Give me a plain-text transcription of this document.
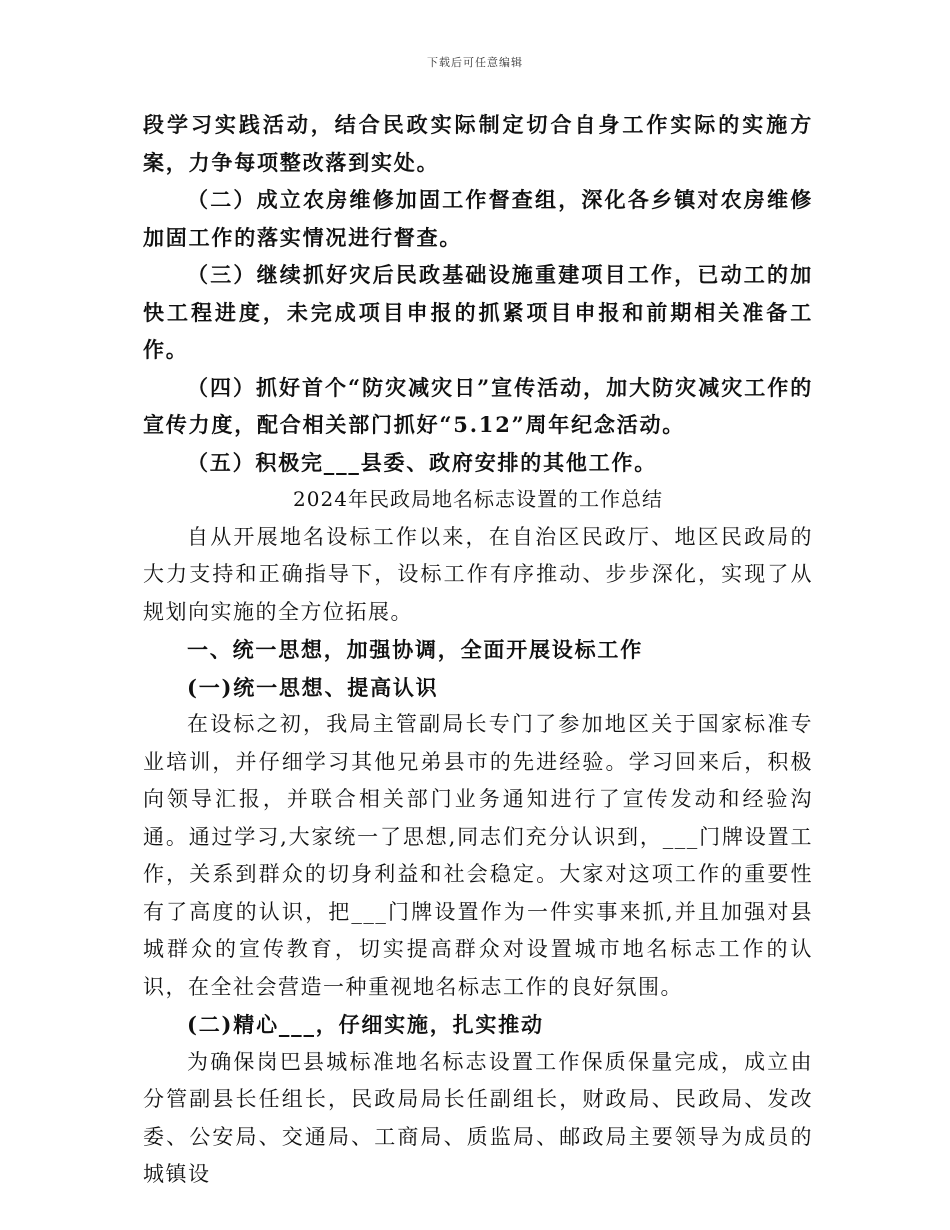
下载后可任意编辑

段学习实践活动，结合民政实际制定切合自身工作实际的实施方案，力争每项整改落到实处。

（二）成立农房维修加固工作督查组，深化各乡镇对农房维修加固工作的落实情况进行督查。

（三）继续抓好灾后民政基础设施重建项目工作，已动工的加快工程进度，未完成项目申报的抓紧项目申报和前期相关准备工作。

（四）抓好首个“防灾减灾日”宣传活动，加大防灾减灾工作的宣传力度，配合相关部门抓好“5.12”周年纪念活动。

（五）积极完___县委、政府安排的其他工作。

2024年民政局地名标志设置的工作总结

自从开展地名设标工作以来，在自治区民政厅、地区民政局的大力支持和正确指导下，设标工作有序推动、步步深化，实现了从规划向实施的全方位拓展。

一、统一思想，加强协调，全面开展设标工作

(一)统一思想、提高认识

在设标之初，我局主管副局长专门了参加地区关于国家标准专业培训，并仔细学习其他兄弟县市的先进经验。学习回来后，积极向领导汇报，并联合相关部门业务通知进行了宣传发动和经验沟通。通过学习,大家统一了思想,同志们充分认识到，___门牌设置工作，关系到群众的切身利益和社会稳定。大家对这项工作的重要性有了高度的认识，把___门牌设置作为一件实事来抓,并且加强对县城群众的宣传教育，切实提高群众对设置城市地名标志工作的认识，在全社会营造一种重视地名标志工作的良好氛围。

(二)精心___，仔细实施，扎实推动

为确保岗巴县城标准地名标志设置工作保质保量完成，成立由分管副县长任组长，民政局局长任副组长，财政局、民政局、发改委、公安局、交通局、工商局、质监局、邮政局主要领导为成员的城镇设
